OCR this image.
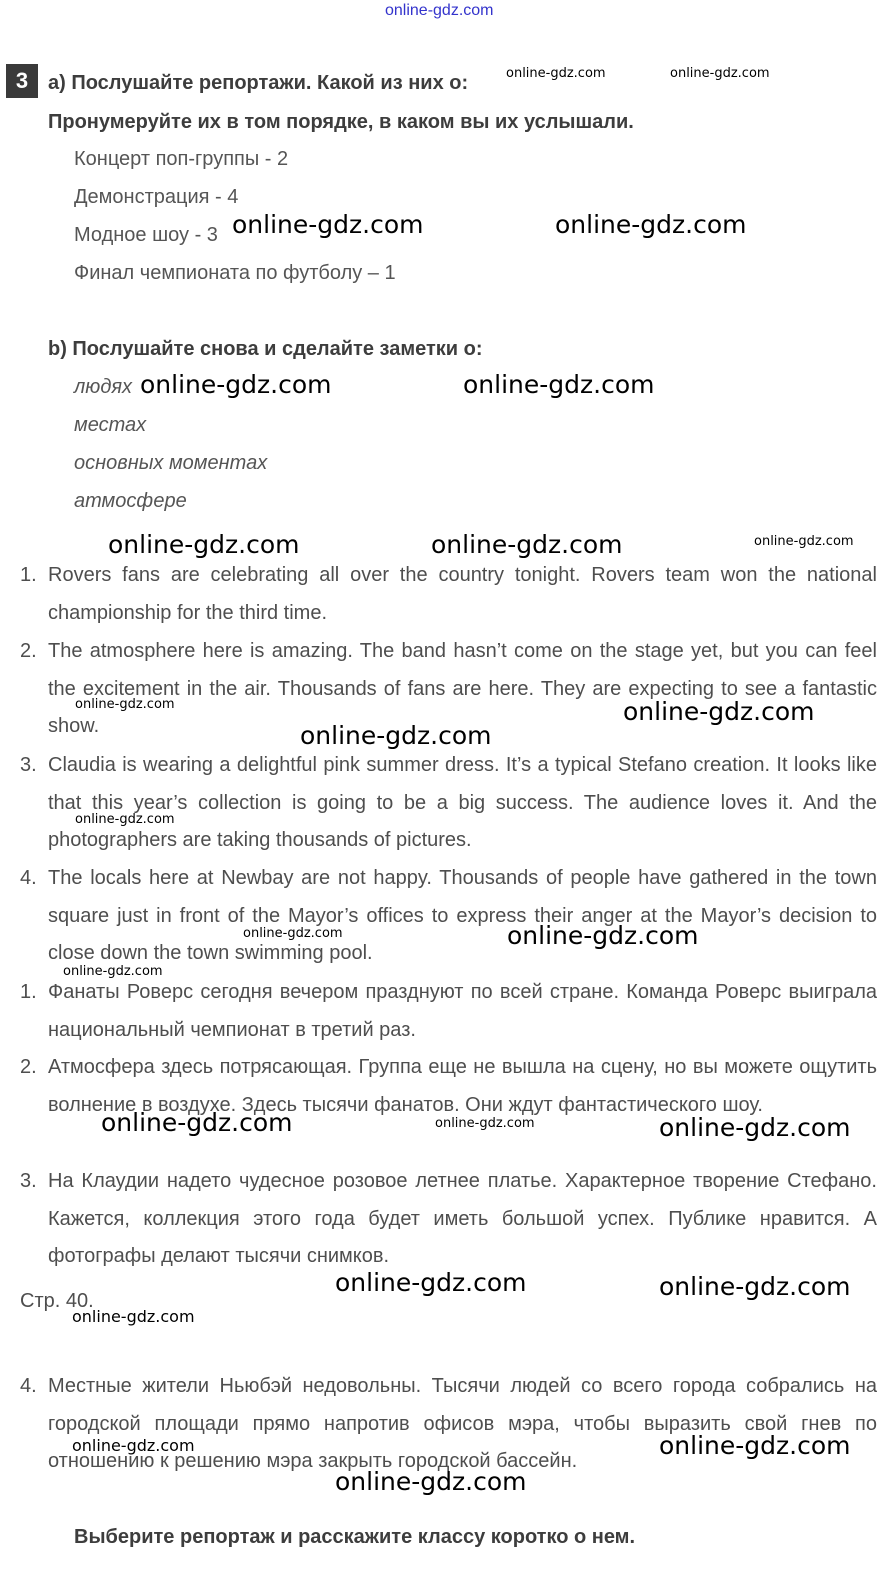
online-gdz.com
3 a) Послушайте репортажи. Какой из них о:
Пронумеруйте их в том порядке, в каком вы их услышали.
Концерт поп-группы - 2
Демонстрация - 4
Модное шоу - 3
Финал чемпионата по футболу – 1
b) Послушайте снова и сделайте заметки о:
людях
местах
основных моментах
атмосфере
1. Rovers fans are celebrating all over the country tonight. Rovers team won the national championship for the third time.
2. The atmosphere here is amazing. The band hasn’t come on the stage yet, but you can feel the excitement in the air. Thousands of fans are here. They are expecting to see a fantastic show.
3. Claudia is wearing a delightful pink summer dress. It’s a typical Stefano creation. It looks like that this year’s collection is going to be a big success. The audience loves it. And the photographers are taking thousands of pictures.
4. The locals here at Newbay are not happy. Thousands of people have gathered in the town square just in front of the Mayor’s offices to express their anger at the Mayor’s decision to close down the town swimming pool.
1. Фанаты Роверс сегодня вечером празднуют по всей стране. Команда Роверс выиграла национальный чемпионат в третий раз.
2. Атмосфера здесь потрясающая. Группа еще не вышла на сцену, но вы можете ощутить волнение в воздухе. Здесь тысячи фанатов. Они ждут фантастического шоу.
3. На Клаудии надето чудесное розовое летнее платье. Характерное творение Стефано. Кажется, коллекция этого года будет иметь большой успех. Публике нравится. А фотографы делают тысячи снимков.
Стр. 40.
4. Местные жители Ньюбэй недовольны. Тысячи людей со всего города собрались на городской площади прямо напротив офисов мэра, чтобы выразить свой гнев по отношению к решению мэра закрыть городской бассейн.
Выберите репортаж и расскажите классу коротко о нем.
online-gdz.com	online-gdz.com
online-gdz.com	online-gdz.com
online-gdz.com	online-gdz.com
online-gdz.com	online-gdz.com	online-gdz.com
online-gdz.com	online-gdz.com
online-gdz.com
online-gdz.com
online-gdz.com	online-gdz.com
online-gdz.com
online-gdz.com	online-gdz.com	online-gdz.com
online-gdz.com	online-gdz.com
online-gdz.com
online-gdz.com	online-gdz.com
online-gdz.com
